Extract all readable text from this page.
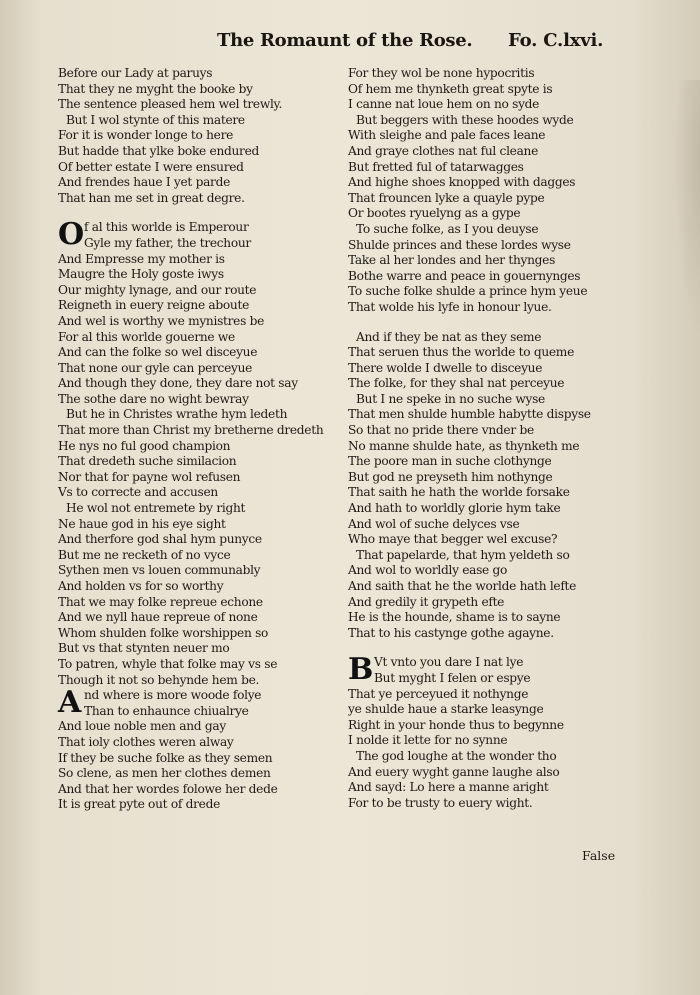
The Romaunt of the Rose. Fo. C.lxvi.
Before our Lady at paruys
That they ne myght the booke by
The sentence pleased hem wel trewly.
But I wol stynte of this matere
For it is wonder longe to here
But hadde that ylke boke endured
Of better estate I were ensured
And frendes haue I yet parde
That han me set in great degre.
O f al this worlde is Emperour
Gyle my father, the trechour
And Empresse my mother is
Maugre the Holy goste iwys
Our mighty lynage, and our route
Reigneth in euery reigne aboute
And wel is worthy we mynistres be
For al this worlde gouerne we
And can the folke so wel disceyue
That none our gyle can perceyue
And though they done, they dare not say
The sothe dare no wight bewray
But he in Christes wrathe hym ledeth
That more than Christ my bretherne dredeth
He nys no ful good champion
That dredeth suche similacion
Nor that for payne wol refusen
Vs to correcte and accusen
He wol not entremete by right
Ne haue god in his eye sight
And therfore god shal hym punyce
But me ne recketh of no vyce
Sythen men vs louen communably
And holden vs for so worthy
That we may folke repreue echone
And we nyll haue repreue of none
Whom shulden folke worshippen so
But vs that stynten neuer mo
To patren, whyle that folke may vs se
Though it not so behynde hem be.
A nd where is more woode folye
Than to enhaunce chiualrye
And loue noble men and gay
That ioly clothes weren alway
If they be suche folke as they semen
So clene, as men her clothes demen
And that her wordes folowe her dede
It is great pyte out of drede
For they wol be none hypocritis
Of hem me thynketh great spyte is
I canne nat loue hem on no syde
But beggers with these hoodes wyde
With sleighe and pale faces leane
And graye clothes nat ful cleane
But fretted ful of tatarwagges
And highe shoes knopped with dagges
That frouncen lyke a quayle pype
Or bootes ryuelyng as a gype
To suche folke, as I you deuyse
Shulde princes and these lordes wyse
Take al her londes and her thynges
Bothe warre and peace in gouernynges
To suche folke shulde a prince hym yeue
That wolde his lyfe in honour lyue.
And if they be nat as they seme
That seruen thus the worlde to queme
There wolde I dwelle to disceyue
The folke, for they shal nat perceyue
But I ne speke in no suche wyse
That men shulde humble habytte dispyse
So that no pride there vnder be
No manne shulde hate, as thynketh me
The poore man in suche clothynge
But god ne preyseth him nothynge
That saith he hath the worlde forsake
And hath to worldly glorie hym take
And wol of suche delyces vse
Who maye that begger wel excuse?
That papelarde, that hym yeldeth so
And wol to worldly ease go
And saith that he the worlde hath lefte
And gredily it grypeth efte
He is the hounde, shame is to sayne
That to his castynge gothe agayne.
B Vt vnto you dare I nat lye
But myght I felen or espye
That ye perceyued it nothynge
ye shulde haue a starke leasynge
Right in your honde thus to begynne
I nolde it lette for no synne
The god loughe at the wonder tho
And euery wyght ganne laughe also
And sayd: Lo here a manne aright
For to be trusty to euery wight.
False
